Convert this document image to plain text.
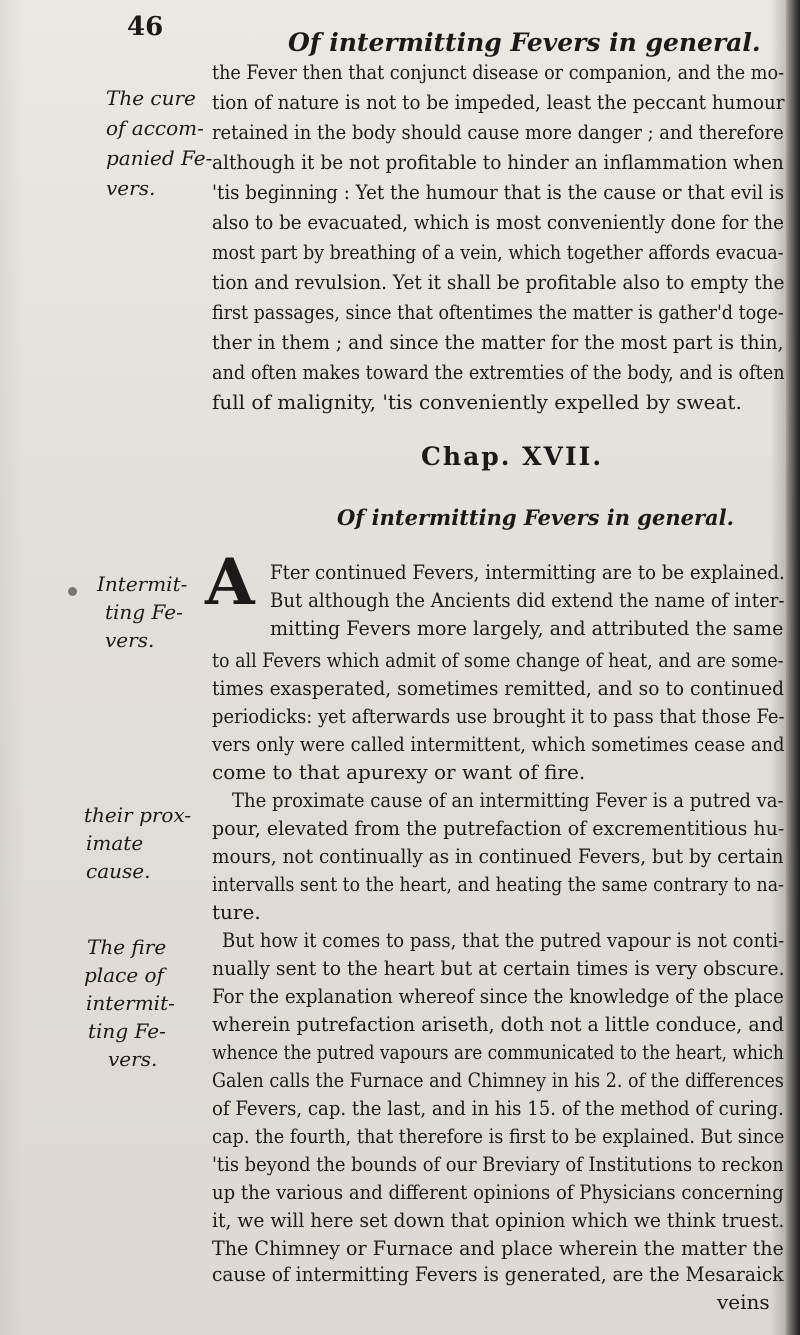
46
Of intermitting Fevers in general.
The cure
of accom-
panied Fe-
vers.
Intermit-
ting Fe-
vers.
their prox-
imate
cause.
The fire
place of
intermit-
ting Fe-
vers.
the Fever then that conjunct disease or companion, and the mo-
tion of nature is not to be impeded, least the peccant humour
retained in the body should cause more danger ; and therefore
although it be not profitable to hinder an inflammation when
'tis beginning : Yet the humour that is the cause or that evil is
also to be evacuated, which is most conveniently done for the
most part by breathing of a vein, which together affords evacua-
tion and revulsion. Yet it shall be profitable also to empty the
first passages, since that oftentimes the matter is gather'd toge-
ther in them ; and since the matter for the most part is thin,
and often makes toward the extremties of the body, and is often
full of malignity, 'tis conveniently expelled by sweat.
Chap. XVII.
Of intermitting Fevers in general.
A Fter continued Fevers, intermitting are to be explained.
But although the Ancients did extend the name of inter-
mitting Fevers more largely, and attributed the same
to all Fevers which admit of some change of heat, and are some-
times exasperated, sometimes remitted, and so to continued
periodicks: yet afterwards use brought it to pass that those Fe-
vers only were called intermittent, which sometimes cease and
come to that apurexy or want of fire.
The proximate cause of an intermitting Fever is a putred va-
pour, elevated from the putrefaction of excrementitious hu-
mours, not continually as in continued Fevers, but by certain
intervalls sent to the heart, and heating the same contrary to na-
ture.
But how it comes to pass, that the putred vapour is not conti-
nually sent to the heart but at certain times is very obscure.
For the explanation whereof since the knowledge of the place
wherein putrefaction ariseth, doth not a little conduce, and
whence the putred vapours are communicated to the heart, which
Galen calls the Furnace and Chimney in his 2. of the differences
of Fevers, cap. the last, and in his 15. of the method of curing.
cap. the fourth, that therefore is first to be explained. But since
'tis beyond the bounds of our Breviary of Institutions to reckon
up the various and different opinions of Physicians concerning
it, we will here set down that opinion which we think truest.
The Chimney or Furnace and place wherein the matter the
cause of intermitting Fevers is generated, are the Mesaraick
veins
